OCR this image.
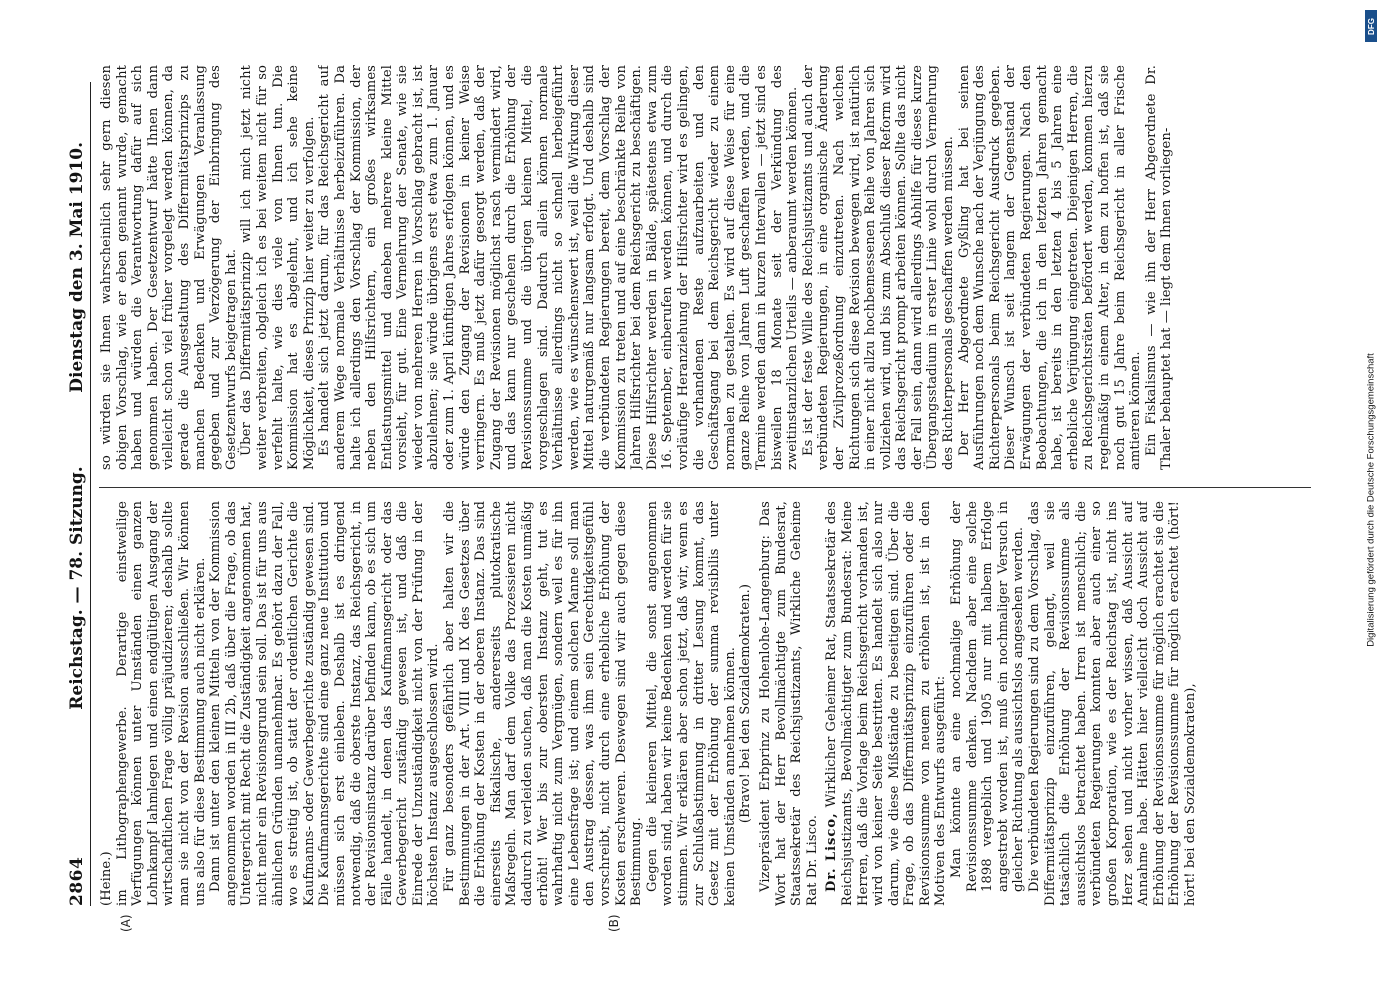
2864
Reichstag. — 78. Sitzung.
Dienstag den 3. Mai 1910.
(A)	(B)

(Heine.) im Lithographengewerbe. Derartige einstweilige Verfügungen können unter Umständen einen ganzen Lohnkampf lahmlegen und einen endgültigen Ausgang der wirtschaftlichen Frage völlig präjudizieren; deshalb sollte man sie nicht von der Revision ausschließen. Wir können uns also für diese Bestimmung auch nicht erklären. Dann ist unter den kleinen Mitteln von der Kommission angenommen worden in III 2b, daß über die Frage, ob das Untergericht mit Recht die Zuständigkeit angenommen hat, nicht mehr ein Revisionsgrund sein soll. Das ist für uns aus ähnlichen Gründen unannehmbar. Es gehört dazu der Fall, wo es streitig ist, ob statt der ordentlichen Gerichte die Kaufmanns- oder Gewerbegerichte zuständig gewesen sind. Die Kaufmannsgerichte sind eine ganz neue Institution und müssen sich erst einleben. Deshalb ist es dringend notwendig, daß die oberste Instanz, das Reichsgericht, in der Revisionsinstanz darüber befinden kann, ob es sich um Fälle handelt, in denen das Kaufmannsgericht oder das Gewerbegericht zuständig gewesen ist, und daß die Einrede der Unzuständigkeit nicht von der Prüfung in der höchsten Instanz ausgeschlossen wird. Für ganz besonders gefährlich aber halten wir die Bestimmungen in der Art. VIII und IX des Gesetzes über die Erhöhung der Kosten in der oberen Instanz. Das sind einerseits fiskalische, andererseits plutokratische Maßregeln. Man darf dem Volke das Prozessieren nicht dadurch zu verleiden suchen, daß man die Kosten unmäßig erhöht! Wer bis zur obersten Instanz geht, tut es wahrhaftig nicht zum Vergnügen, sondern weil es für ihn eine Lebensfrage ist; und einem solchen Manne soll man den Austrag dessen, was ihm sein Gerechtigkeitsgefühl vorschreibt, nicht durch eine erhebliche Erhöhung der Kosten erschweren. Deswegen sind wir auch gegen diese Bestimmung. Gegen die kleineren Mittel, die sonst angenommen worden sind, haben wir keine Bedenken und werden für sie stimmen. Wir erklären aber schon jetzt, daß wir, wenn es zur Schlußabstimmung in dritter Lesung kommt, das Gesetz mit der Erhöhung der summa revisibilis unter keinen Umständen annehmen können. (Bravo! bei den Sozialdemokraten.) Vizepräsident Erbprinz zu Hohenlohe-Langenburg: Das Wort hat der Herr Bevollmächtigte zum Bundesrat, Staatssekretär des Reichsjustizamts, Wirkliche Geheime Rat Dr. Lisco. Dr. Lisco, Wirklicher Geheimer Rat, Staatssekretär des Reichsjustizamts, Bevollmächtigter zum Bundesrat: Meine Herren, daß die Vorlage beim Reichsgericht vorhanden ist, wird von keiner Seite bestritten. Es handelt sich also nur darum, wie diese Mißstände zu beseitigen sind. Über die Frage, ob das Differmitätsprinzip einzuführen oder die Revisionssumme von neuem zu erhöhen ist, ist in den Motiven des Entwurfs ausgeführt: Man könnte an eine nochmalige Erhöhung der Revisionssumme denken. Nachdem aber eine solche 1898 vergeblich und 1905 nur mit halbem Erfolge angestrebt worden ist, muß ein nochmaliger Versuch in gleicher Richtung als aussichtslos angesehen werden. Die verbündeten Regierungen sind zu dem Vorschlag, das Differmitätsprinzip einzuführen, gelangt, weil sie tatsächlich die Erhöhung der Revisionssumme als aussichtslos betrachtet haben. Irren ist menschlich; die verbündeten Regierungen konnten aber auch einer so großen Korporation, wie es der Reichstag ist, nicht ins Herz sehen und nicht vorher wissen, daß Aussicht auf Annahme habe. Hätten hier vielleicht doch Aussicht auf Erhöhung der Revisionssumme für möglich erachtet sie die Erhöhung der Revisionssumme für möglich erachtet (hört! hört! bei den Sozialdemokraten),

so würden sie Ihnen wahrscheinlich sehr gern diesen obigen Vorschlag, wie er eben genannt wurde, gemacht haben und würden die Verantwortung dafür auf sich genommen haben. Der Gesetzentwurf hätte Ihnen dann vielleicht schon viel früher vorgelegt werden können, da gerade die Ausgestaltung des Differmitätsprinzips zu manchen Bedenken und Erwägungen Veranlassung gegeben und zur Verzögerung der Einbringung des Gesetzentwurfs beigetragen hat. Über das Differmitätsprinzip will ich mich jetzt nicht weiter verbreiten, obgleich ich es bei weitem nicht für so verfehlt halte, wie dies viele von Ihnen tun. Die Kommission hat es abgelehnt, und ich sehe keine Möglichkeit, dieses Prinzip hier weiter zu verfolgen. Es handelt sich jetzt darum, für das Reichsgericht auf anderem Wege normale Verhältnisse herbeizuführen. Da halte ich allerdings den Vorschlag der Kommission, der neben den Hilfsrichtern, ein großes wirksames Entlastungsmittel und daneben mehrere kleine Mittel vorsieht, für gut. Eine Vermehrung der Senate, wie sie wieder von mehreren Herren in Vorschlag gebracht ist, ist abzulehnen; sie würde übrigens erst etwa zum 1. Januar oder zum 1. April künftigen Jahres erfolgen können, und es würde den Zugang der Revisionen in keiner Weise verringern. Es muß jetzt dafür gesorgt werden, daß der Zugang der Revisionen möglichst rasch vermindert wird, und das kann nur geschehen durch die Erhöhung der Revisionssumme und die übrigen kleinen Mittel, die vorgeschlagen sind. Dadurch allein können normale Verhältnisse allerdings nicht so schnell herbeigeführt werden, wie es wünschenswert ist, weil die Wirkung dieser Mittel naturgemäß nur langsam erfolgt. Und deshalb sind die verbündeten Regierungen bereit, dem Vorschlag der Kommission zu treten und auf eine beschränkte Reihe von Jahren Hilfsrichter bei dem Reichsgericht zu beschäftigen. Diese Hilfsrichter werden in Bälde, spätestens etwa zum 16. September, einberufen werden können, und durch die vorläufige Heranziehung der Hilfsrichter wird es gelingen, die vorhandenen Reste aufzuarbeiten und den Geschäftsgang bei dem Reichsgericht wieder zu einem normalen zu gestalten. Es wird auf diese Weise für eine ganze Reihe von Jahren Luft geschaffen werden, und die Termine werden dann in kurzen Intervallen — jetzt sind es bisweilen 18 Monate seit der Verkündung des zweitinstanzlichen Urteils — anberaumt werden können. Es ist der feste Wille des Reichsjustizamts und auch der verbündeten Regierungen, in eine organische Änderung der Zivilprozeßordnung einzutreten. Nach welchen Richtungen sich diese Revision bewegen wird, ist natürlich in einer nicht allzu hochbemessenen Reihe von Jahren sich vollziehen wird, und bis zum Abschluß dieser Reform wird das Reichsgericht prompt arbeiten können. Sollte das nicht der Fall sein, dann wird allerdings Abhilfe für dieses kurze Übergangsstadium in erster Linie wohl durch Vermehrung des Richterpersonals geschaffen werden müssen. Der Herr Abgeordnete Gyßling hat bei seinen Ausführungen noch dem Wunsche nach der Verjüngung des Richterpersonals beim Reichsgericht Ausdruck gegeben. Dieser Wunsch ist seit langem der Gegenstand der Erwägungen der verbündeten Regierungen. Nach den Beobachtungen, die ich in den letzten Jahren gemacht habe, ist bereits in den letzten 4 bis 5 Jahren eine erhebliche Verjüngung eingetreten. Diejenigen Herren, die zu Reichsgerichtsräten befördert werden, kommen hierzu regelmäßig in einem Alter, in dem zu hoffen ist, daß sie noch gut 15 Jahre beim Reichsgericht in aller Frische amtieren können. Ein Fiskalismus — wie ihn der Herr Abgeordnete Dr. Thaler behauptet hat — liegt dem Ihnen vorliegen-

DFG
Digitalisierung gefördert durch die Deutsche Forschungsgemeinschaft
